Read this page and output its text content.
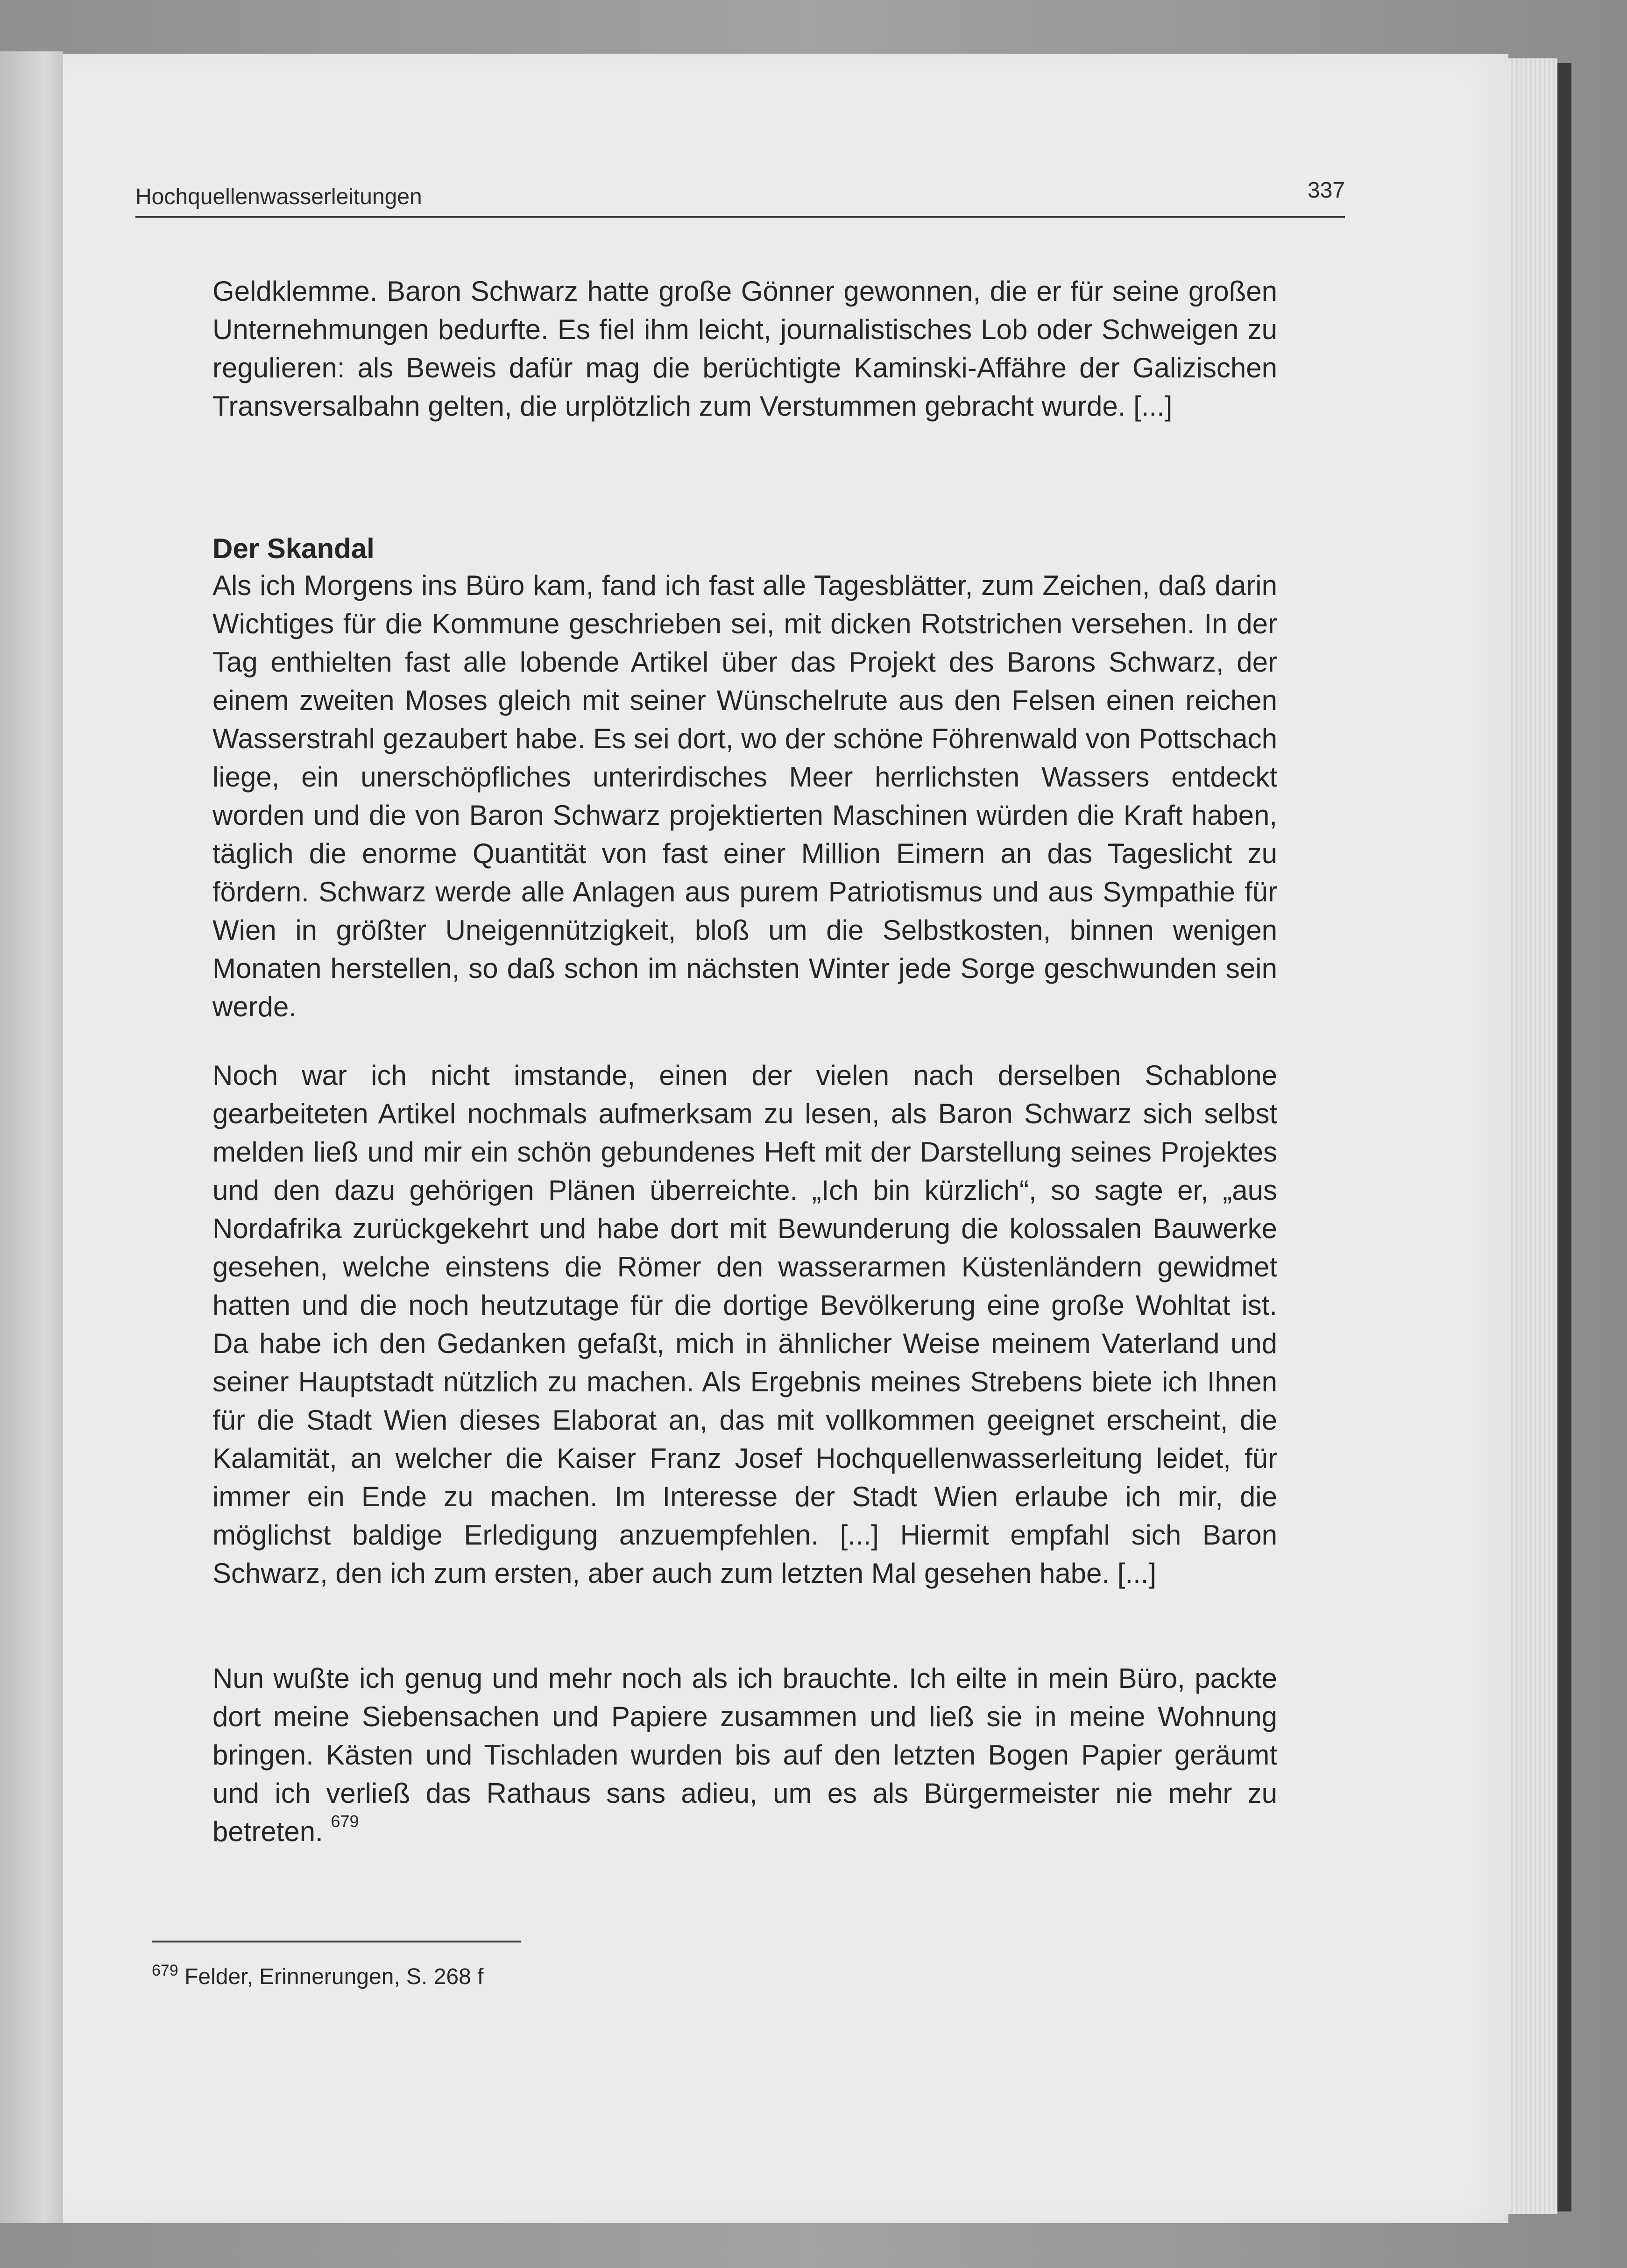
Hochquellenwasserleitungen	337

Geldklemme. Baron Schwarz hatte große Gönner gewonnen, die er für seine großen Unternehmungen bedurfte. Es fiel ihm leicht, journalistisches Lob oder Schweigen zu regulieren: als Beweis dafür mag die berüchtigte Kaminski-Affähre der Galizischen Transversalbahn gelten, die urplötzlich zum Verstummen gebracht wurde. [...]

Der Skandal

Als ich Morgens ins Büro kam, fand ich fast alle Tagesblätter, zum Zeichen, daß darin Wichtiges für die Kommune geschrieben sei, mit dicken Rotstrichen versehen. In der Tag enthielten fast alle lobende Artikel über das Projekt des Barons Schwarz, der einem zweiten Moses gleich mit seiner Wünschelrute aus den Felsen einen reichen Wasserstrahl gezaubert habe. Es sei dort, wo der schöne Föhrenwald von Pottschach liege, ein unerschöpfliches unterirdisches Meer herrlichsten Wassers entdeckt worden und die von Baron Schwarz projektierten Maschinen würden die Kraft haben, täglich die enorme Quantität von fast einer Million Eimern an das Tageslicht zu fördern. Schwarz werde alle Anlagen aus purem Patriotismus und aus Sympathie für Wien in größter Uneigennützigkeit, bloß um die Selbstkosten, binnen wenigen Monaten herstellen, so daß schon im nächsten Winter jede Sorge geschwunden sein werde.

Noch war ich nicht imstande, einen der vielen nach derselben Schablone gearbeiteten Artikel nochmals aufmerksam zu lesen, als Baron Schwarz sich selbst melden ließ und mir ein schön gebundenes Heft mit der Darstellung seines Projektes und den dazu gehörigen Plänen überreichte. „Ich bin kürzlich“, so sagte er, „aus Nordafrika zurückgekehrt und habe dort mit Bewunderung die kolossalen Bauwerke gesehen, welche einstens die Römer den wasserarmen Küstenländern gewidmet hatten und die noch heutzutage für die dortige Bevölkerung eine große Wohltat ist. Da habe ich den Gedanken gefaßt, mich in ähnlicher Weise meinem Vaterland und seiner Hauptstadt nützlich zu machen. Als Ergebnis meines Strebens biete ich Ihnen für die Stadt Wien dieses Elaborat an, das mit vollkommen geeignet erscheint, die Kalamität, an welcher die Kaiser Franz Josef Hochquellenwasserleitung leidet, für immer ein Ende zu machen. Im Interesse der Stadt Wien erlaube ich mir, die möglichst baldige Erledigung anzuempfehlen. [...] Hiermit empfahl sich Baron Schwarz, den ich zum ersten, aber auch zum letzten Mal gesehen habe. [...]

Nun wußte ich genug und mehr noch als ich brauchte. Ich eilte in mein Büro, packte dort meine Siebensachen und Papiere zusammen und ließ sie in meine Wohnung bringen. Kästen und Tischladen wurden bis auf den letzten Bogen Papier geräumt und ich verließ das Rathaus sans adieu, um es als Bürgermeister nie mehr zu betreten. $^{679}$

$^{679}$ Felder, Erinnerungen, S. 268 f
